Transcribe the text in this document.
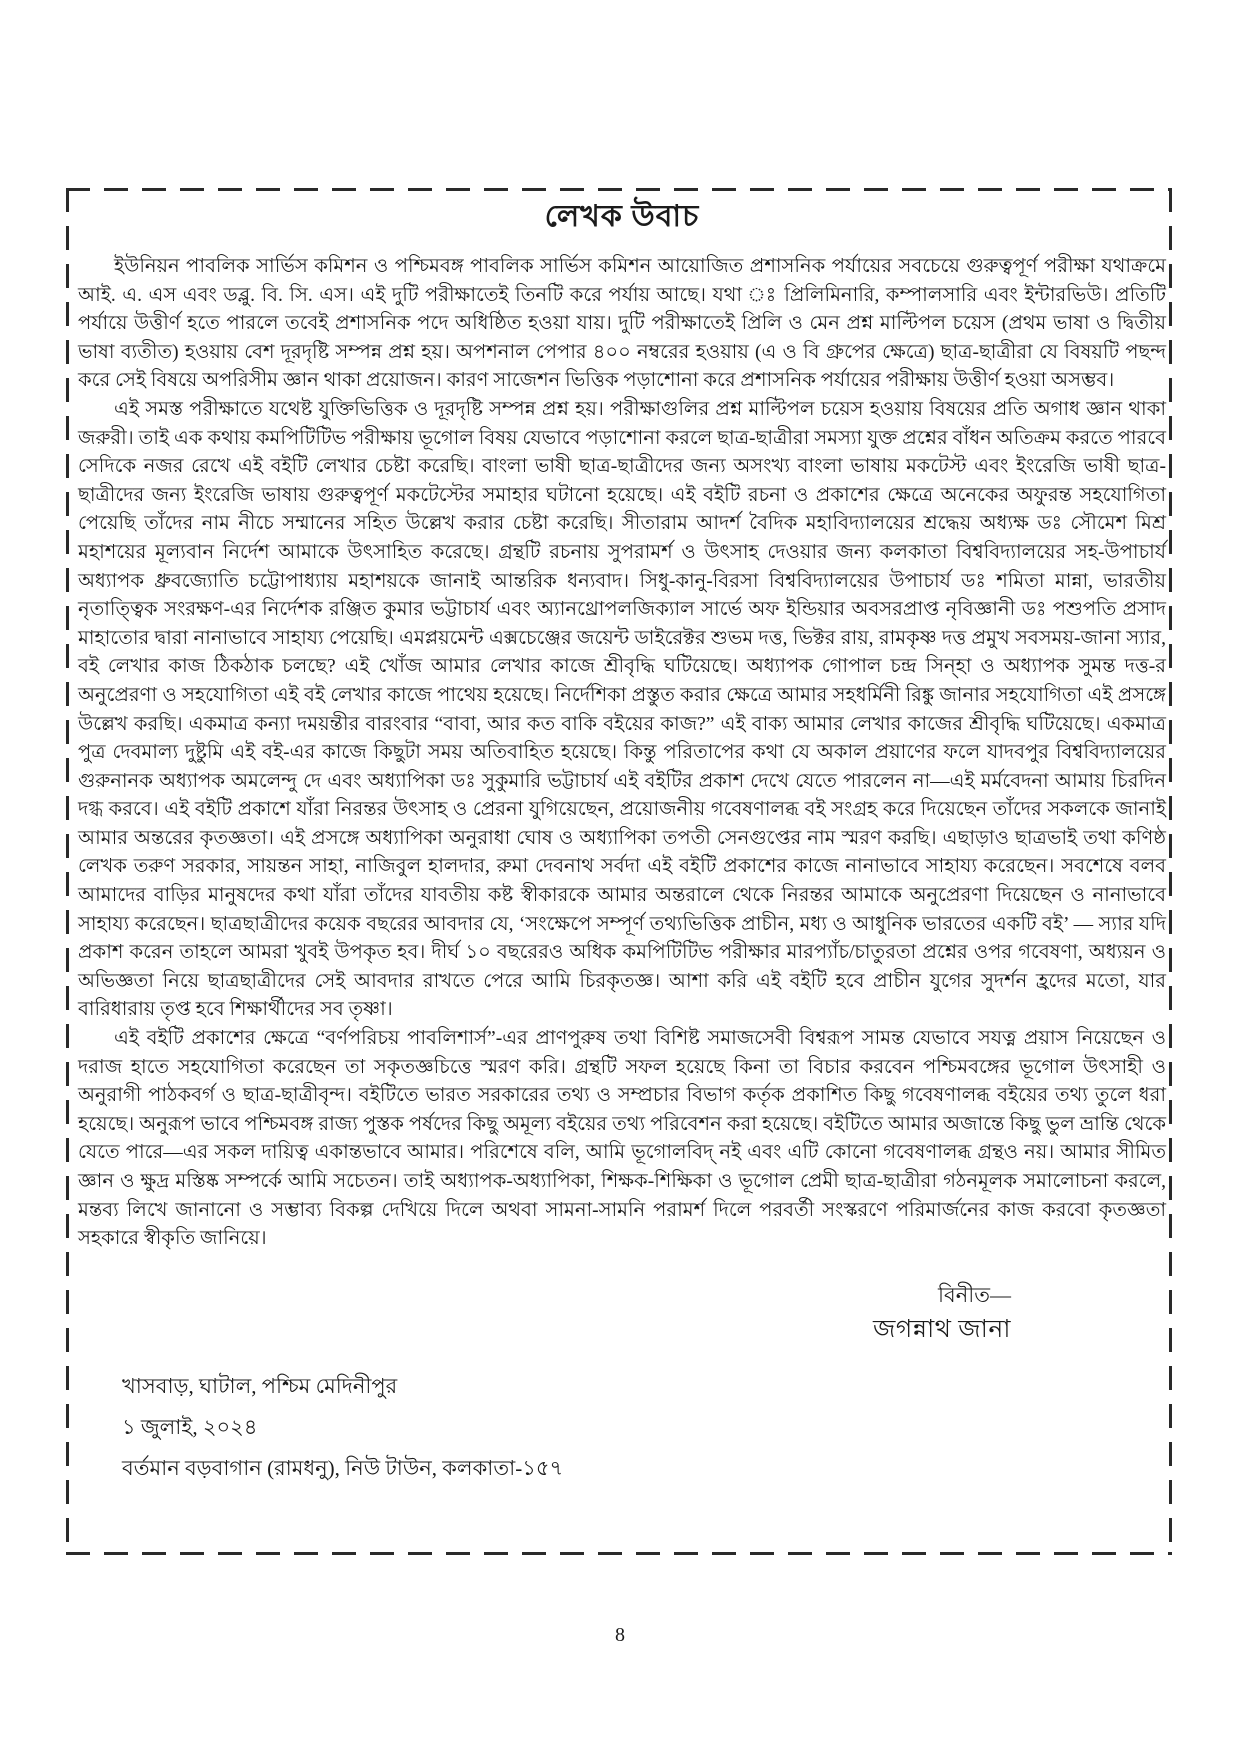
লেখক উবাচ

ইউনিয়ন পাবলিক সার্ভিস কমিশন ও পশ্চিমবঙ্গ পাবলিক সার্ভিস কমিশন আয়োজিত প্রশাসনিক পর্যায়ের সবচেয়ে গুরুত্বপূর্ণ পরীক্ষা যথাক্রমে আই. এ. এস এবং ডব্লু. বি. সি. এস। এই দুটি পরীক্ষাতেই তিনটি করে পর্যায় আছে। যথা ঃ প্রিলিমিনারি, কম্পালসারি এবং ইন্টারভিউ। প্রতিটি পর্যায়ে উত্তীর্ণ হতে পারলে তবেই প্রশাসনিক পদে অধিষ্ঠিত হওয়া যায়। দুটি পরীক্ষাতেই প্রিলি ও মেন প্রশ্ন মাল্টিপল চয়েস (প্রথম ভাষা ও দ্বিতীয় ভাষা ব্যতীত) হওয়ায় বেশ দূরদৃষ্টি সম্পন্ন প্রশ্ন হয়। অপশনাল পেপার ৪০০ নম্বরের হওয়ায় (এ ও বি গ্রুপের ক্ষেত্রে) ছাত্র-ছাত্রীরা যে বিষয়টি পছন্দ করে সেই বিষয়ে অপরিসীম জ্ঞান থাকা প্রয়োজন। কারণ সাজেশন ভিত্তিক পড়াশোনা করে প্রশাসনিক পর্যায়ের পরীক্ষায় উত্তীর্ণ হওয়া অসম্ভব।

এই সমস্ত পরীক্ষাতে যথেষ্ট যুক্তিভিত্তিক ও দূরদৃষ্টি সম্পন্ন প্রশ্ন হয়। পরীক্ষাগুলির প্রশ্ন মাল্টিপল চয়েস হওয়ায় বিষয়ের প্রতি অগাধ জ্ঞান থাকা জরুরী। তাই এক কথায় কমপিটিটিভ পরীক্ষায় ভূগোল বিষয় যেভাবে পড়াশোনা করলে ছাত্র-ছাত্রীরা সমস্যা যুক্ত প্রশ্নের বাঁধন অতিক্রম করতে পারবে সেদিকে নজর রেখে এই বইটি লেখার চেষ্টা করেছি। বাংলা ভাষী ছাত্র-ছাত্রীদের জন্য অসংখ্য বাংলা ভাষায় মকটেস্ট এবং ইংরেজি ভাষী ছাত্র-ছাত্রীদের জন্য ইংরেজি ভাষায় গুরুত্বপূর্ণ মকটেস্টের সমাহার ঘটানো হয়েছে। এই বইটি রচনা ও প্রকাশের ক্ষেত্রে অনেকের অফুরন্ত সহযোগিতা পেয়েছি তাঁদের নাম নীচে সম্মানের সহিত উল্লেখ করার চেষ্টা করেছি। সীতারাম আদর্শ বৈদিক মহাবিদ্যালয়ের শ্রদ্ধেয় অধ্যক্ষ ডঃ সৌমেশ মিশ্র মহাশয়ের মূল্যবান নির্দেশ আমাকে উৎসাহিত করেছে। গ্রন্থটি রচনায় সুপরামর্শ ও উৎসাহ দেওয়ার জন্য কলকাতা বিশ্ববিদ্যালয়ের সহ-উপাচার্য অধ্যাপক ধ্রুবজ্যোতি চট্টোপাধ্যায় মহাশয়কে জানাই আন্তরিক ধন্যবাদ। সিধু-কানু-বিরসা বিশ্ববিদ্যালয়ের উপাচার্য ডঃ শমিতা মান্না, ভারতীয় নৃতাত্ত্বিক সংরক্ষণ-এর নির্দেশক রঞ্জিত কুমার ভট্টাচার্য এবং অ্যানথ্রোপলজিক্যাল সার্ভে অফ ইন্ডিয়ার অবসরপ্রাপ্ত নৃবিজ্ঞানী ডঃ পশুপতি প্রসাদ মাহাতোর দ্বারা নানাভাবে সাহায্য পেয়েছি। এমপ্লয়মেন্ট এক্সচেঞ্জের জয়েন্ট ডাইরেক্টর শুভম দত্ত, ভিক্টর রায়, রামকৃষ্ণ দত্ত প্রমুখ সবসময়-জানা স্যার, বই লেখার কাজ ঠিকঠাক চলছে? এই খোঁজ আমার লেখার কাজে শ্রীবৃদ্ধি ঘটিয়েছে। অধ্যাপক গোপাল চন্দ্র সিন্হা ও অধ্যাপক সুমন্ত দত্ত-র অনুপ্রেরণা ও সহযোগিতা এই বই লেখার কাজে পাথেয় হয়েছে। নির্দেশিকা প্রস্তুত করার ক্ষেত্রে আমার সহধর্মিনী রিঙ্কু জানার সহযোগিতা এই প্রসঙ্গে উল্লেখ করছি। একমাত্র কন্যা দময়ন্তীর বারংবার “বাবা, আর কত বাকি বইয়ের কাজ?” এই বাক্য আমার লেখার কাজের শ্রীবৃদ্ধি ঘটিয়েছে। একমাত্র পুত্র দেবমাল্য দুষ্টুমি এই বই-এর কাজে কিছুটা সময় অতিবাহিত হয়েছে। কিন্তু পরিতাপের কথা যে অকাল প্রয়াণের ফলে যাদবপুর বিশ্ববিদ্যালয়ের গুরুনানক অধ্যাপক অমলেন্দু দে এবং অধ্যাপিকা ডঃ সুকুমারি ভট্টাচার্য এই বইটির প্রকাশ দেখে যেতে পারলেন না—এই মর্মবেদনা আমায় চিরদিন দগ্ধ করবে। এই বইটি প্রকাশে যাঁরা নিরন্তর উৎসাহ ও প্রেরনা যুগিয়েছেন, প্রয়োজনীয় গবেষণালব্ধ বই সংগ্রহ করে দিয়েছেন তাঁদের সকলকে জানাই আমার অন্তরের কৃতজ্ঞতা। এই প্রসঙ্গে অধ্যাপিকা অনুরাধা ঘোষ ও অধ্যাপিকা তপতী সেনগুপ্তের নাম স্মরণ করছি। এছাড়াও ছাত্রভাই তথা কণিষ্ঠ লেখক তরুণ সরকার, সায়ন্তন সাহা, নাজিবুল হালদার, রুমা দেবনাথ সর্বদা এই বইটি প্রকাশের কাজে নানাভাবে সাহায্য করেছেন। সবশেষে বলব আমাদের বাড়ির মানুষদের কথা যাঁরা তাঁদের যাবতীয় কষ্ট স্বীকারকে আমার অন্তরালে থেকে নিরন্তর আমাকে অনুপ্রেরণা দিয়েছেন ও নানাভাবে সাহায্য করেছেন। ছাত্রছাত্রীদের কয়েক বছরের আবদার যে, ‘সংক্ষেপে সম্পূর্ণ তথ্যভিত্তিক প্রাচীন, মধ্য ও আধুনিক ভারতের একটি বই’ — স্যার যদি প্রকাশ করেন তাহলে আমরা খুবই উপকৃত হব। দীর্ঘ ১০ বছরেরও অধিক কমপিটিটিভ পরীক্ষার মারপ্যাঁচ/চাতুরতা প্রশ্নের ওপর গবেষণা, অধ্যয়ন ও অভিজ্ঞতা নিয়ে ছাত্রছাত্রীদের সেই আবদার রাখতে পেরে আমি চিরকৃতজ্ঞ। আশা করি এই বইটি হবে প্রাচীন যুগের সুদর্শন হ্রদের মতো, যার বারিধারায় তৃপ্ত হবে শিক্ষার্থীদের সব তৃষ্ণা।

এই বইটি প্রকাশের ক্ষেত্রে “বর্ণপরিচয় পাবলিশার্স”-এর প্রাণপুরুষ তথা বিশিষ্ট সমাজসেবী বিশ্বরূপ সামন্ত যেভাবে সযত্ন প্রয়াস নিয়েছেন ও দরাজ হাতে সহযোগিতা করেছেন তা সকৃতজ্ঞচিত্তে স্মরণ করি। গ্রন্থটি সফল হয়েছে কিনা তা বিচার করবেন পশ্চিমবঙ্গের ভূগোল উৎসাহী ও অনুরাগী পাঠকবর্গ ও ছাত্র-ছাত্রীবৃন্দ। বইটিতে ভারত সরকারের তথ্য ও সম্প্রচার বিভাগ কর্তৃক প্রকাশিত কিছু গবেষণালব্ধ বইয়ের তথ্য তুলে ধরা হয়েছে। অনুরূপ ভাবে পশ্চিমবঙ্গ রাজ্য পুস্তক পর্ষদের কিছু অমূল্য বইয়ের তথ্য পরিবেশন করা হয়েছে। বইটিতে আমার অজান্তে কিছু ভুল ভ্রান্তি থেকে যেতে পারে—এর সকল দায়িত্ব একান্তভাবে আমার। পরিশেষে বলি, আমি ভূগোলবিদ্ নই এবং এটি কোনো গবেষণালব্ধ গ্রন্থও নয়। আমার সীমিত জ্ঞান ও ক্ষুদ্র মস্তিষ্ক সম্পর্কে আমি সচেতন। তাই অধ্যাপক-অধ্যাপিকা, শিক্ষক-শিক্ষিকা ও ভূগোল প্রেমী ছাত্র-ছাত্রীরা গঠনমূলক সমালোচনা করলে, মন্তব্য লিখে জানানো ও সম্ভাব্য বিকল্প দেখিয়ে দিলে অথবা সামনা-সামনি পরামর্শ দিলে পরবর্তী সংস্করণে পরিমার্জনের কাজ করবো কৃতজ্ঞতা সহকারে স্বীকৃতি জানিয়ে।

বিনীত—
জগন্নাথ জানা
খাসবাড়, ঘাটাল, পশ্চিম মেদিনীপুর
১ জুলাই, ২০২৪
বর্তমান বড়বাগান (রামধনু), নিউ টাউন, কলকাতা-১৫৭
8
